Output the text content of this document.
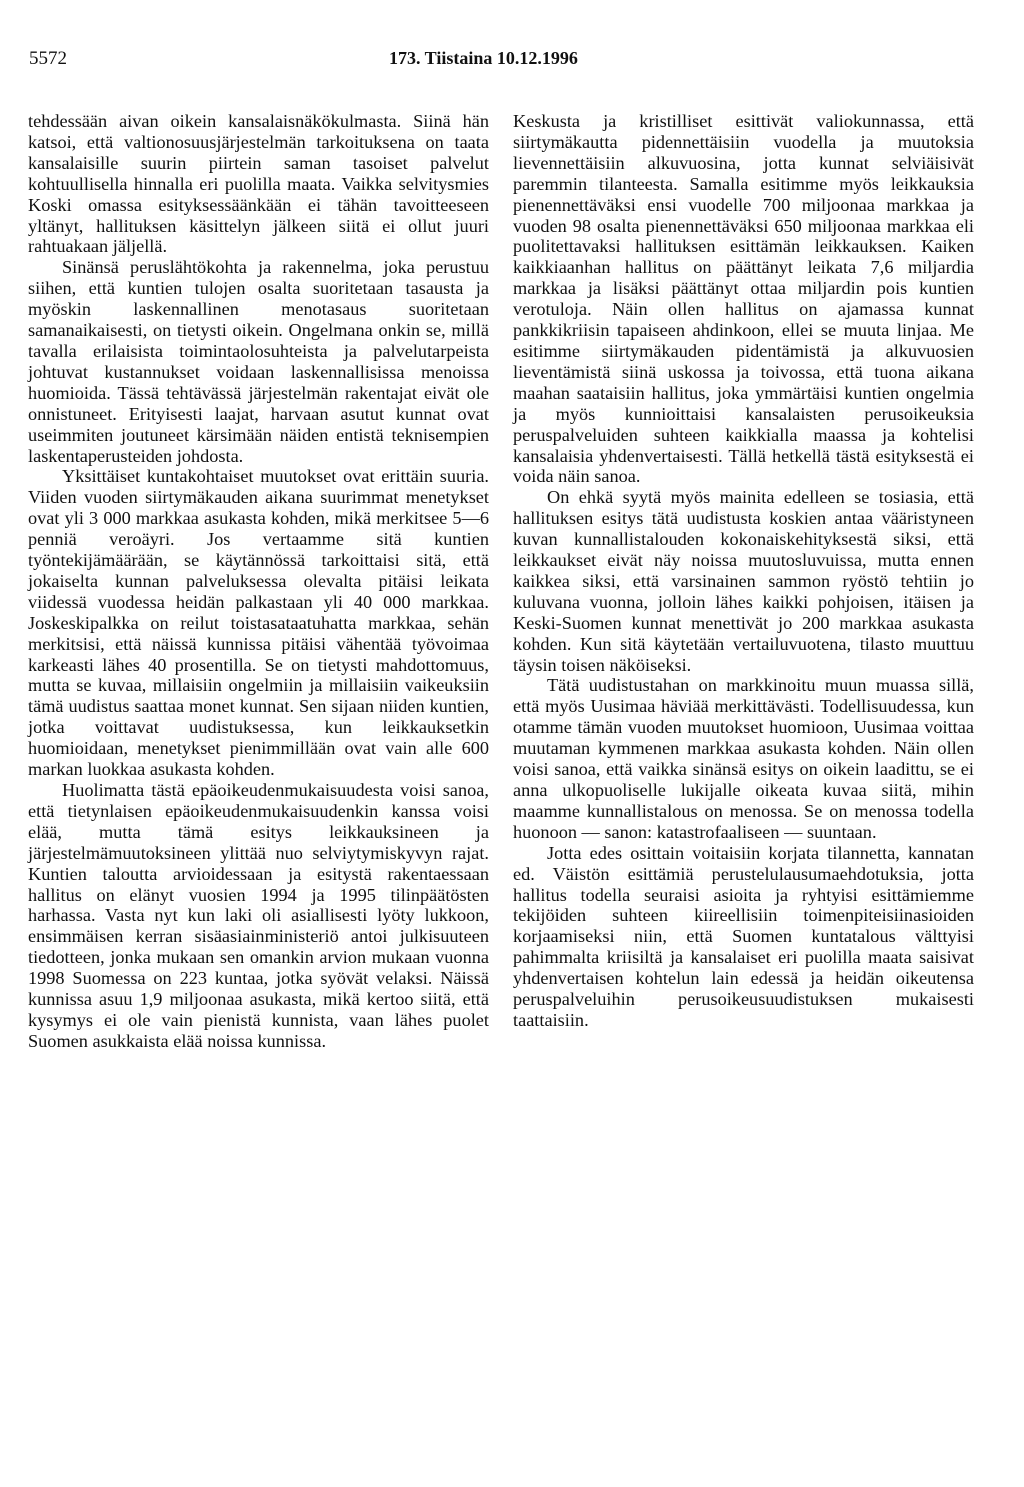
5572	173. Tiistaina 10.12.1996

tehdessään aivan oikein kansalaisnäkökulmasta. Siinä hän katsoi, että valtionosuusjärjestelmän tarkoituksena on taata kansalaisille suurin piirtein saman tasoiset palvelut kohtuullisella hinnalla eri puolilla maata. Vaikka selvitysmies Koski omassa esityksessäänkään ei tähän tavoitteeseen yltänyt, hallituksen käsittelyn jälkeen siitä ei ollut juuri rahtuakaan jäljellä.

Sinänsä peruslähtökohta ja rakennelma, joka perustuu siihen, että kuntien tulojen osalta suoritetaan tasausta ja myöskin laskennallinen menotasaus suoritetaan samanaikaisesti, on tietysti oikein. Ongelmana onkin se, millä tavalla erilaisista toimintaolosuhteista ja palvelutarpeista johtuvat kustannukset voidaan laskennallisissa menoissa huomioida. Tässä tehtävässä järjestelmän rakentajat eivät ole onnistuneet. Erityisesti laajat, harvaan asutut kunnat ovat useimmiten joutuneet kärsimään näiden entistä teknisempien laskentaperusteiden johdosta.

Yksittäiset kuntakohtaiset muutokset ovat erittäin suuria. Viiden vuoden siirtymäkauden aikana suurimmat menetykset ovat yli 3 000 markkaa asukasta kohden, mikä merkitsee 5—6 penniä veroäyri. Jos vertaamme sitä kuntien työntekijämäärään, se käytännössä tarkoittaisi sitä, että jokaiselta kunnan palveluksessa olevalta pitäisi leikata viidessä vuodessa heidän palkastaan yli 40 000 markkaa. Joskeskipalkka on reilut toistasataatuhatta markkaa, sehän merkitsisi, että näissä kunnissa pitäisi vähentää työvoimaa karkeasti lähes 40 prosentilla. Se on tietysti mahdottomuus, mutta se kuvaa, millaisiin ongelmiin ja millaisiin vaikeuksiin tämä uudistus saattaa monet kunnat. Sen sijaan niiden kuntien, jotka voittavat uudistuksessa, kun leikkauksetkin huomioidaan, menetykset pienimmillään ovat vain alle 600 markan luokkaa asukasta kohden.

Huolimatta tästä epäoikeudenmukaisuudesta voisi sanoa, että tietynlaisen epäoikeudenmukaisuudenkin kanssa voisi elää, mutta tämä esitys leikkauksineen ja järjestelmämuutoksineen ylittää nuo selviytymiskyvyn rajat. Kuntien taloutta arvioidessaan ja esitystä rakentaessaan hallitus on elänyt vuosien 1994 ja 1995 tilinpäätösten harhassa. Vasta nyt kun laki oli asiallisesti lyöty lukkoon, ensimmäisen kerran sisäasiainministeriö antoi julkisuuteen tiedotteen, jonka mukaan sen omankin arvion mukaan vuonna 1998 Suomessa on 223 kuntaa, jotka syövät velaksi. Näissä kunnissa asuu 1,9 miljoonaa asukasta, mikä kertoo siitä, että kysymys ei ole vain pienistä kunnista, vaan lähes puolet Suomen asukkaista elää noissa kunnissa.

Keskusta ja kristilliset esittivät valiokunnassa, että siirtymäkautta pidennettäisiin vuodella ja muutoksia lievennettäisiin alkuvuosina, jotta kunnat selviäisivät paremmin tilanteesta. Samalla esitimme myös leikkauksia pienennettäväksi ensi vuodelle 700 miljoonaa markkaa ja vuoden 98 osalta pienennettäväksi 650 miljoonaa markkaa eli puolitettavaksi hallituksen esittämän leikkauksen. Kaiken kaikkiaanhan hallitus on päättänyt leikata 7,6 miljardia markkaa ja lisäksi päättänyt ottaa miljardin pois kuntien verotuloja. Näin ollen hallitus on ajamassa kunnat pankkikriisin tapaiseen ahdinkoon, ellei se muuta linjaa. Me esitimme siirtymäkauden pidentämistä ja alkuvuosien lieventämistä siinä uskossa ja toivossa, että tuona aikana maahan saataisiin hallitus, joka ymmärtäisi kuntien ongelmia ja myös kunnioittaisi kansalaisten perusoikeuksia peruspalveluiden suhteen kaikkialla maassa ja kohtelisi kansalaisia yhdenvertaisesti. Tällä hetkellä tästä esityksestä ei voida näin sanoa.

On ehkä syytä myös mainita edelleen se tosiasia, että hallituksen esitys tätä uudistusta koskien antaa vääristyneen kuvan kunnallistalouden kokonaiskehityksestä siksi, että leikkaukset eivät näy noissa muutosluvuissa, mutta ennen kaikkea siksi, että varsinainen sammon ryöstö tehtiin jo kuluvana vuonna, jolloin lähes kaikki pohjoisen, itäisen ja Keski-Suomen kunnat menettivät jo 200 markkaa asukasta kohden. Kun sitä käytetään vertailuvuotena, tilasto muuttuu täysin toisen näköiseksi.

Tätä uudistustahan on markkinoitu muun muassa sillä, että myös Uusimaa häviää merkittävästi. Todellisuudessa, kun otamme tämän vuoden muutokset huomioon, Uusimaa voittaa muutaman kymmenen markkaa asukasta kohden. Näin ollen voisi sanoa, että vaikka sinänsä esitys on oikein laadittu, se ei anna ulkopuoliselle lukijalle oikeata kuvaa siitä, mihin maamme kunnallistalous on menossa. Se on menossa todella huonoon — sanon: katastrofaaliseen — suuntaan.

Jotta edes osittain voitaisiin korjata tilannetta, kannatan ed. Väistön esittämiä perustelulausumaehdotuksia, jotta hallitus todella seuraisi asioita ja ryhtyisi esittämiemme tekijöiden suhteen kiireellisiin toimenpiteisiinasioiden korjaamiseksi niin, että Suomen kuntatalous välttyisi pahimmalta kriisiltä ja kansalaiset eri puolilla maata saisivat yhdenvertaisen kohtelun lain edessä ja heidän oikeutensa peruspalveluihin perusoikeusuudistuksen mukaisesti taattaisiin.
